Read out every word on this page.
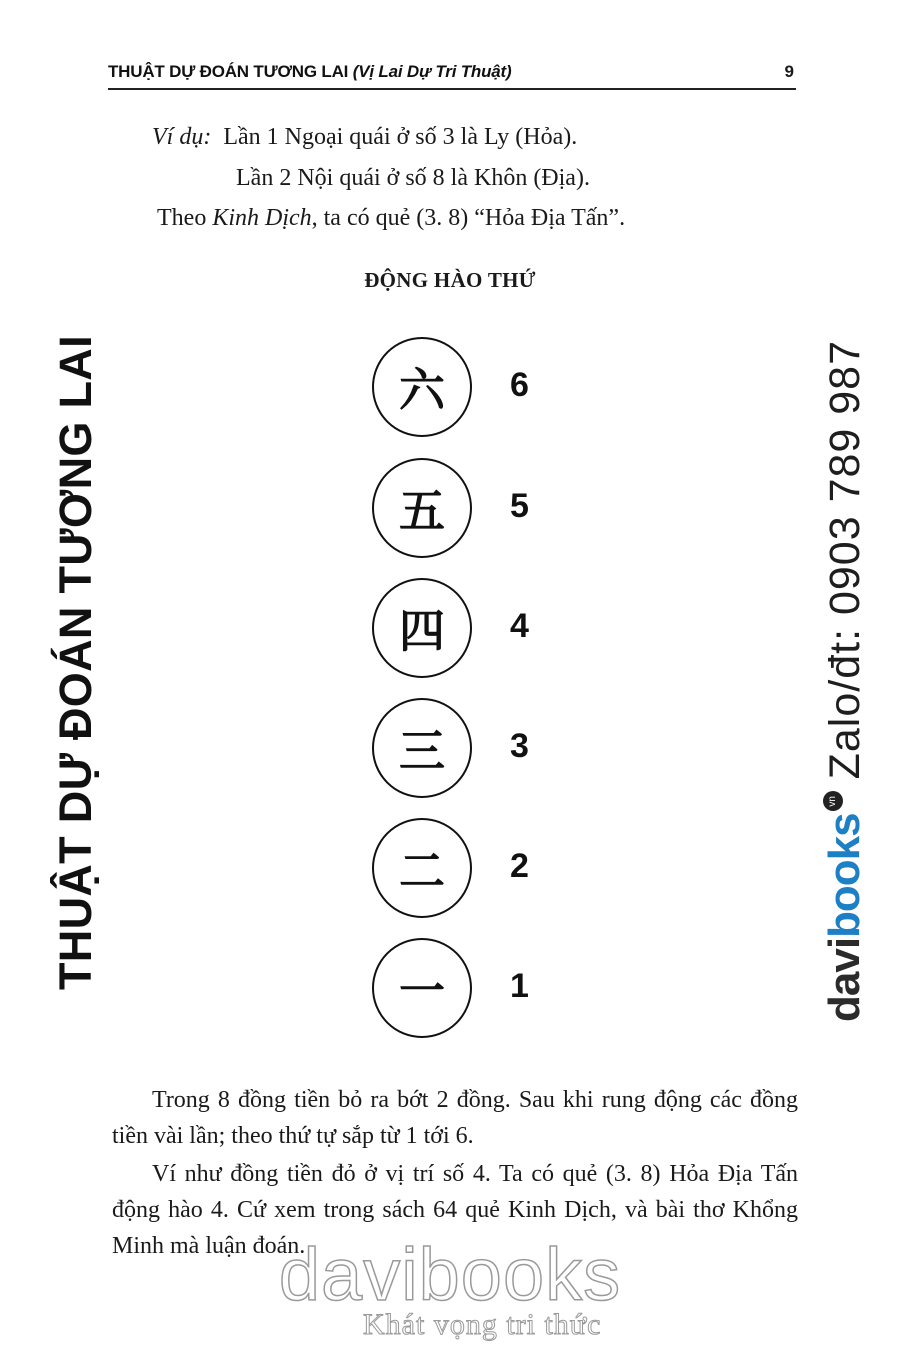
THUẬT DỰ ĐOÁN TƯƠNG LAI (Vị Lai Dự Tri Thuật)	9
Ví dụ: Lần 1 Ngoại quái ở số 3 là Ly (Hỏa).
Lần 2 Nội quái ở số 8 là Khôn (Địa).
Theo Kinh Dịch, ta có quẻ (3. 8) “Hỏa Địa Tấn”.
ĐỘNG HÀO THỨ
六	6
五	5
四	4
三	3
二	2
一	1
Trong 8 đồng tiền bỏ ra bớt 2 đồng. Sau khi rung động các đồng tiền vài lần; theo thứ tự sắp từ 1 tới 6.
Ví như đồng tiền đỏ ở vị trí số 4. Ta có quẻ (3. 8) Hỏa Địa Tấn động hào 4. Cứ xem trong sách 64 quẻ Kinh Dịch, và bài thơ Khổng Minh mà luận đoán.
THUẬT DỰ ĐOÁN TƯƠNG LAI	davibooks
vn
Zalo/đt: 0903 789 987
davibooks
Khát vọng tri thức
